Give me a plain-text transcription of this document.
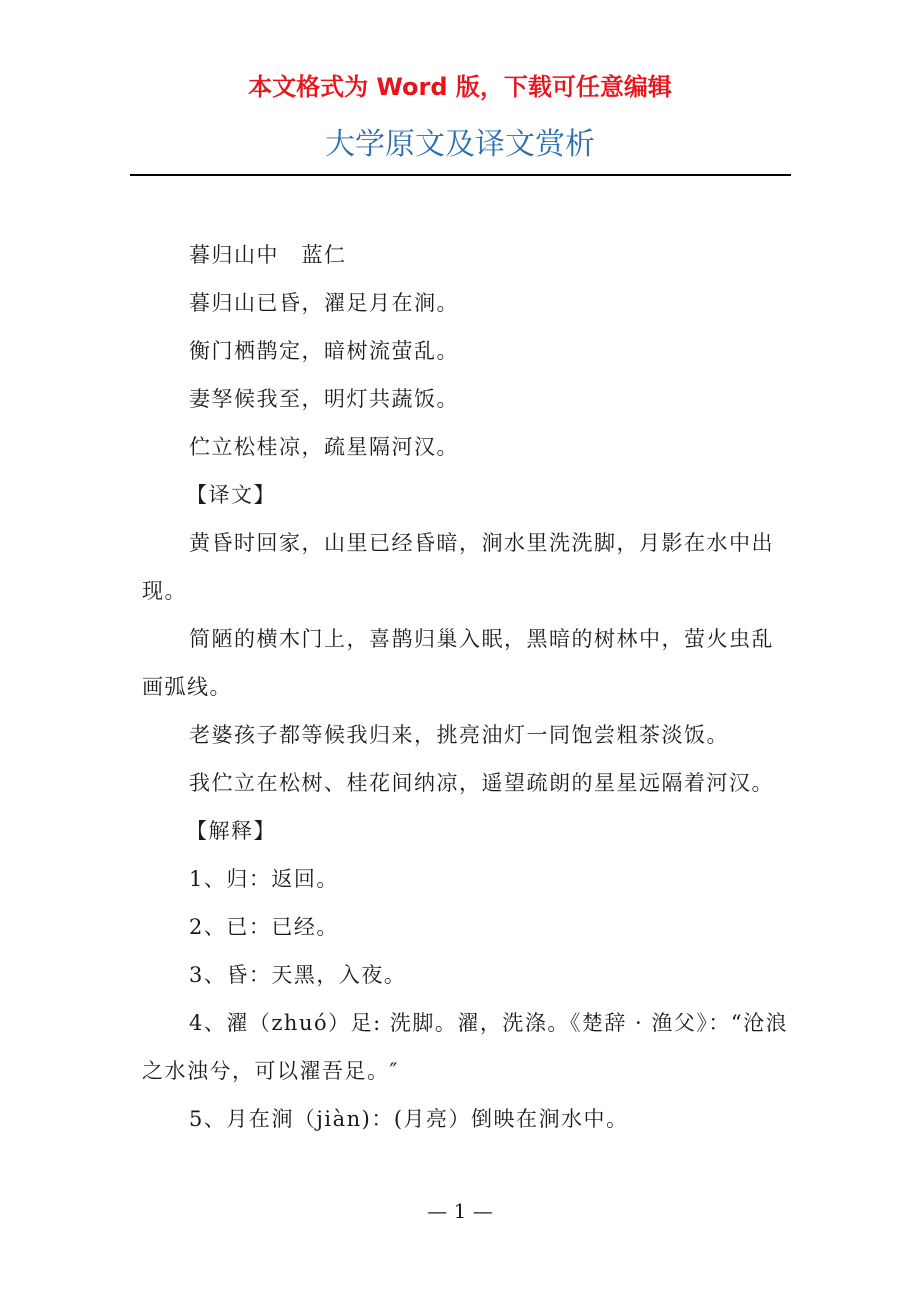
本文格式为 Word 版，下载可任意编辑
大学原文及译文赏析

暮归山中　蓝仁

暮归山已昏，濯足月在涧。

衡门栖鹊定，暗树流萤乱。

妻孥候我至，明灯共蔬饭。

伫立松桂凉，疏星隔河汉。

【译文】

黄昏时回家，山里已经昏暗，涧水里洗洗脚，月影在水中出现。

简陋的横木门上，喜鹊归巢入眠，黑暗的树林中，萤火虫乱画弧线。

老婆孩子都等候我归来，挑亮油灯一同饱尝粗茶淡饭。

我伫立在松树、桂花间纳凉，遥望疏朗的星星远隔着河汉。

【解释】

1、归：返回。

2、已：已经。

3、昏：天黑，入夜。

4、濯（zhuó）足: 洗脚。濯，洗涤。《楚辞 · 渔父》：“沧浪之水浊兮，可以濯吾足。″

5、月在涧（jiàn)：(月亮）倒映在涧水中。

— 1 —
